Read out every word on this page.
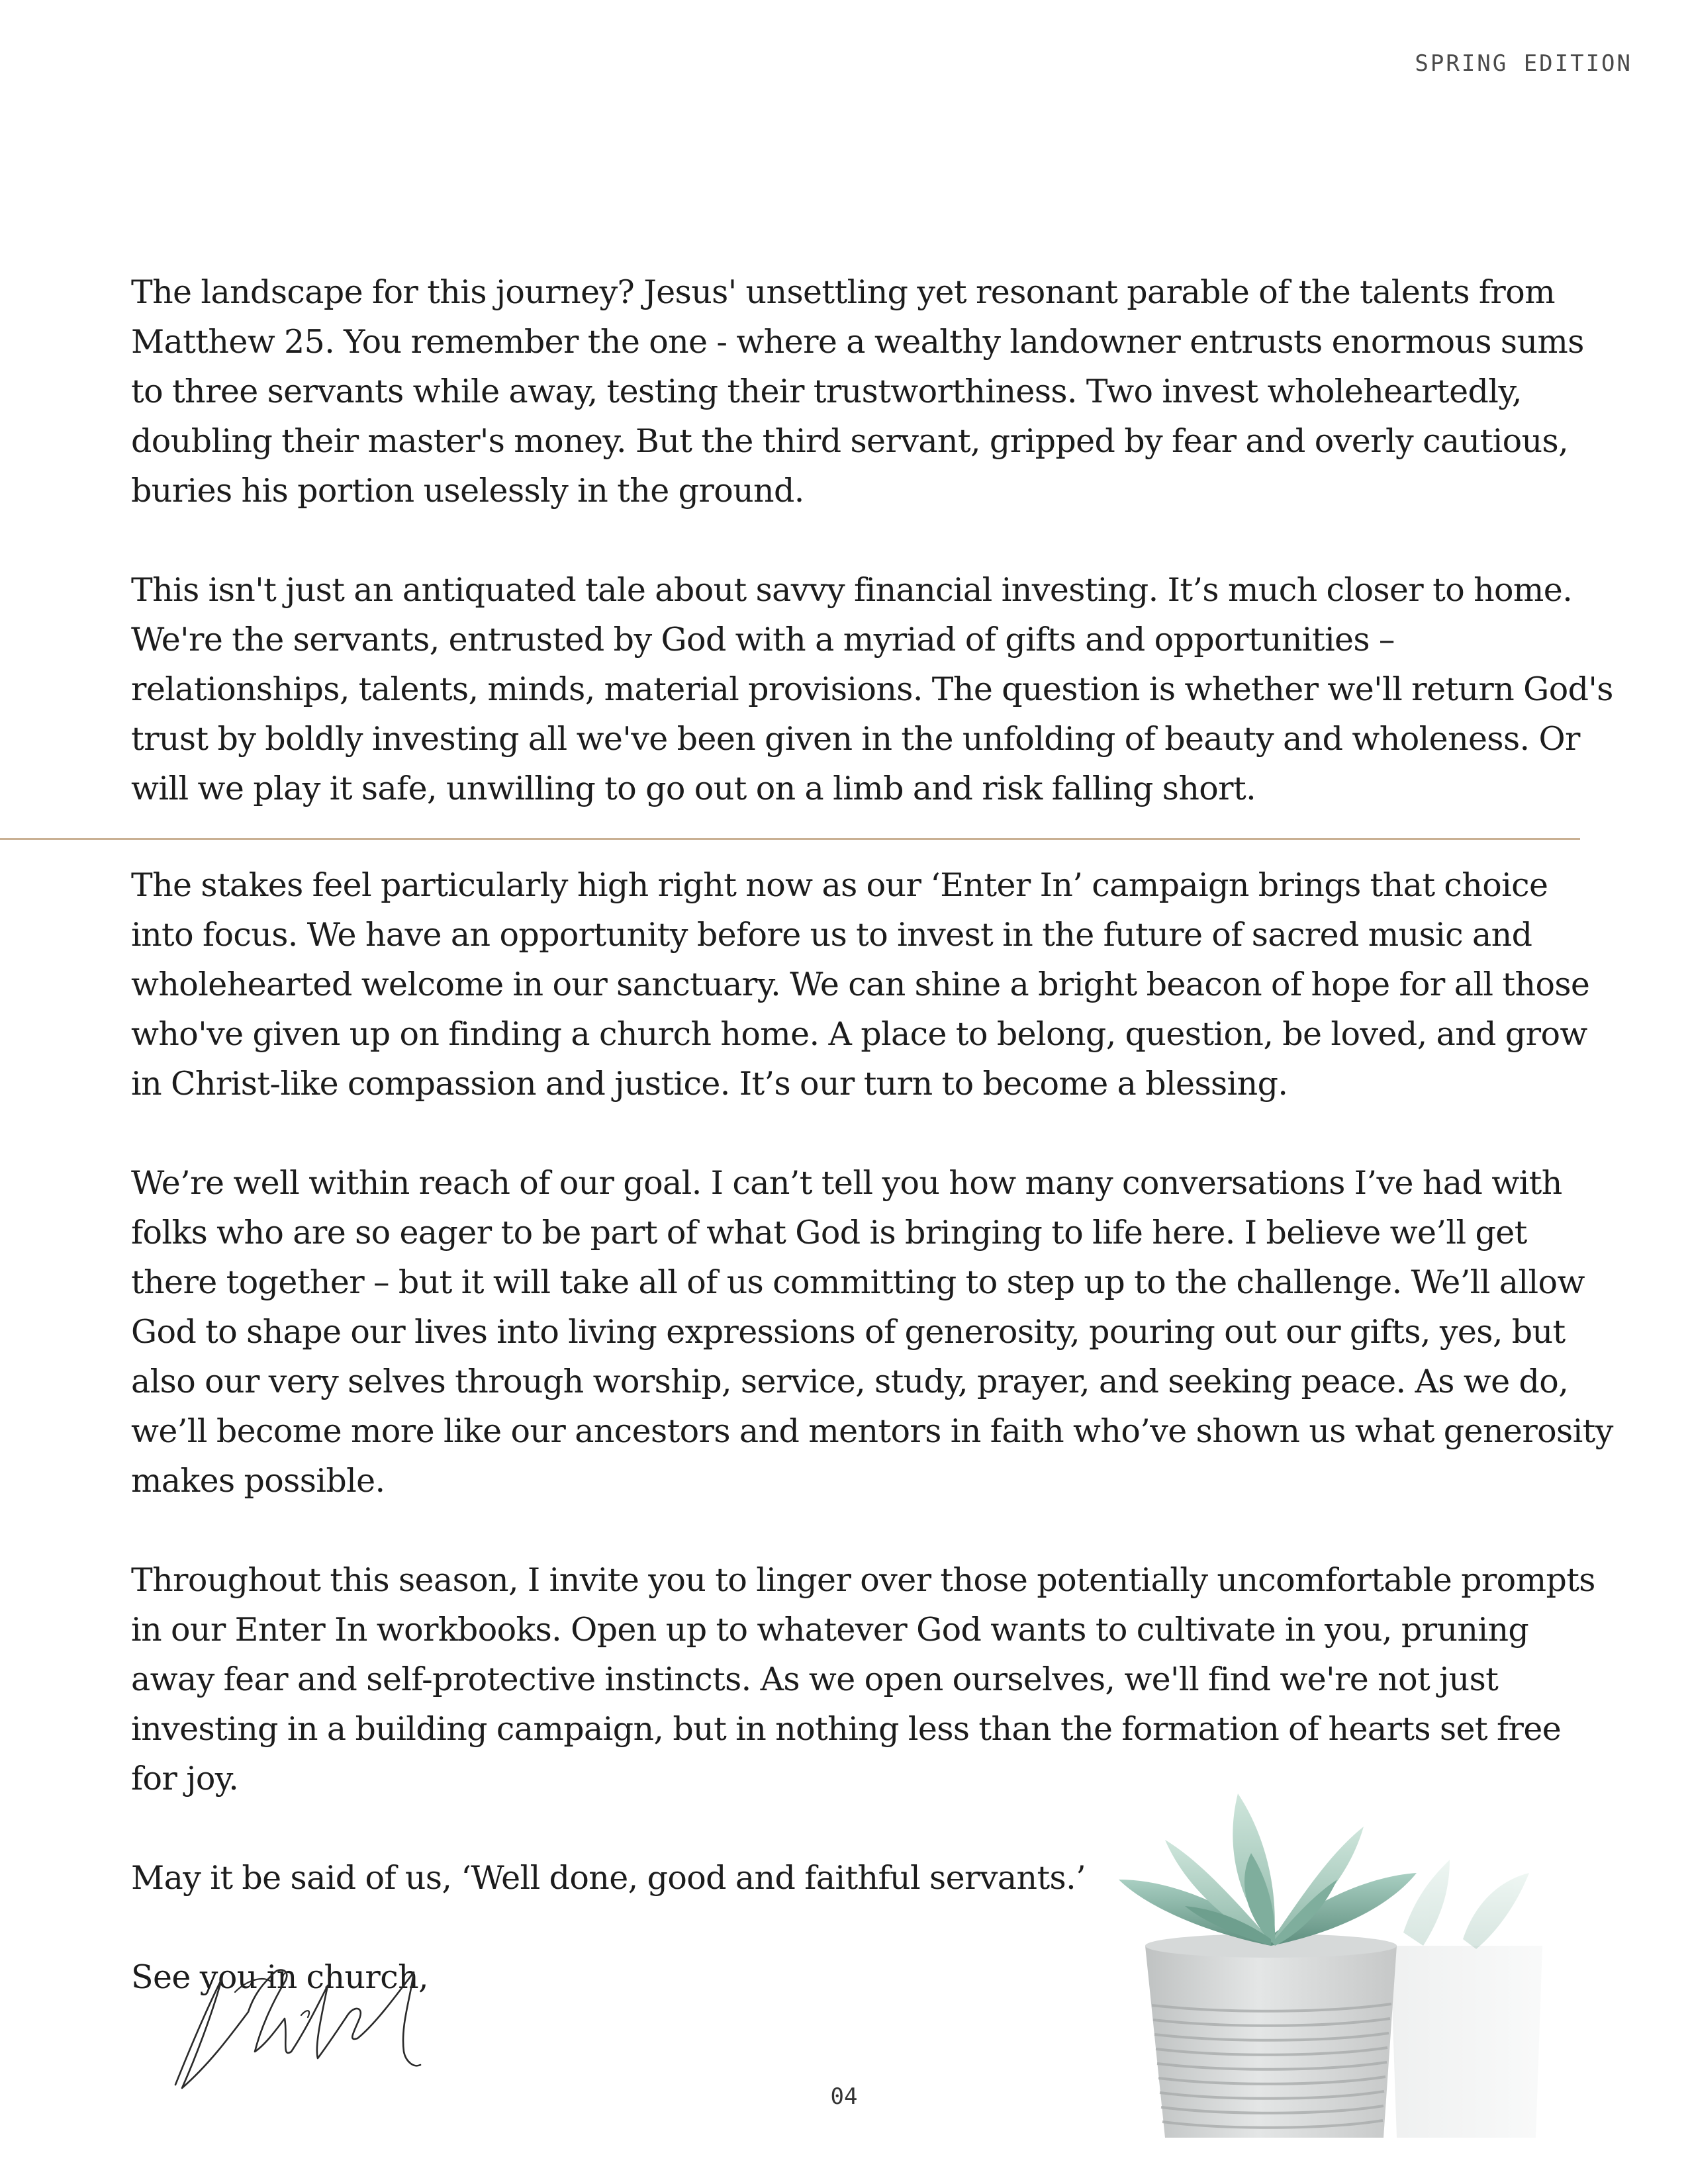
SPRING EDITION

The landscape for this journey? Jesus' unsettling yet resonant parable of the talents from Matthew 25. You remember the one - where a wealthy landowner entrusts enormous sums to three servants while away, testing their trustworthiness. Two invest wholeheartedly, doubling their master's money. But the third servant, gripped by fear and overly cautious, buries his portion uselessly in the ground.

This isn't just an antiquated tale about savvy financial investing. It’s much closer to home. We're the servants, entrusted by God with a myriad of gifts and opportunities – relationships, talents, minds, material provisions. The question is whether we'll return God's trust by boldly investing all we've been given in the unfolding of beauty and wholeness. Or will we play it safe, unwilling to go out on a limb and risk falling short.

The stakes feel particularly high right now as our ‘Enter In’ campaign brings that choice into focus. We have an opportunity before us to invest in the future of sacred music and wholehearted welcome in our sanctuary. We can shine a bright beacon of hope for all those who've given up on finding a church home. A place to belong, question, be loved, and grow in Christ-like compassion and justice. It’s our turn to become a blessing.

We’re well within reach of our goal. I can’t tell you how many conversations I’ve had with folks who are so eager to be part of what God is bringing to life here. I believe we’ll get there together – but it will take all of us committing to step up to the challenge. We’ll allow God to shape our lives into living expressions of generosity, pouring out our gifts, yes, but also our very selves through worship, service, study, prayer, and seeking peace. As we do, we’ll become more like our ancestors and mentors in faith who’ve shown us what generosity makes possible.

Throughout this season, I invite you to linger over those potentially uncomfortable prompts in our Enter In workbooks. Open up to whatever God wants to cultivate in you, pruning away fear and self-protective instincts. As we open ourselves, we'll find we're not just investing in a building campaign, but in nothing less than the formation of hearts set free for joy.

May it be said of us, ‘Well done, good and faithful servants.’

See you in church,

04
